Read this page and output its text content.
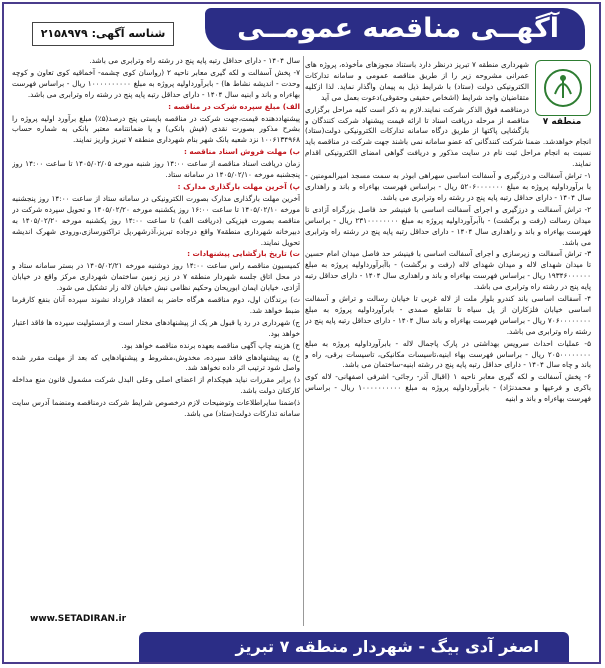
آگهــی مناقصه عمومــی
شناسه آگهی: ۲۱۵۸۹۷۹
منطقه ۷

شهرداری منطقه ۷ تبریز درنظر دارد باستناد مجوزهای مأخوذه، پروژه های عمرانی مشروحه زیر را از طریق مناقصه عمومی و سامانه تدارکات الکترونیکی دولت (ستاد) با شرایط ذیل به پیمان واگذار نماید. لذا ازکلیه متقاضیان واجد شرایط (اشخاص حقیقی وحقوقی)دعوت بعمل می آید

درمناقصه فوق الذکر شرکت نمایند.لازم به ذکر است کلیه مراحل برگزاری مناقصه از مرحله دریافت اسناد تا ارائه قیمت پیشنهاد شرکت کنندگان و بازگشایی پاکتها از طریق درگاه سامانه تدارکات الکترونیکی دولت(ستاد) انجام خواهدشد. ضمنا شرکت کنندگانی که عضو سامانه نمی باشند جهت شرکت در مناقصه باید نسبت به انجام مراحل ثبت نام در سایت مذکور و دریافت گواهی امضای الکترونیکی اقدام نمایند.

۱- تراش آسفالت و درزگیری و آسفالت اساسی سهراهی ابوذر به سمت مسجد امیرالمومنین - با برآورداولیه پروژه به مبلغ ۵۲۰۶۰۰۰۰۰۰۰ ریال - براساس فهرست بهاءراه و باند و راهداری سال ۱۴۰۴ - دارای حداقل رتبه پایه پنج در رشته راه وترابری می باشد.

۲- تراش آسفالت و درزگیری و اجرای آسفالت اساسی با فینیشر حد فاصل بزرگراه آزادی تا میدان رسالت (رفت و برگشت) - باآبرآورداولیه پروژه به مبلغ ۲۳۱۰۰۰۰۰۰۰۰ ریال - براساس فهرست بهاءراه و باند و راهداری سال ۱۴۰۴ - دارای حداقل رتبه پایه پنج در رشته راه وترابری می باشد.

۳- تراش آسفالت و زیرسازی و اجرای آسفالت اساسی با فینیشر حد فاصل میدان امام حسین تا میدان شهدای لاله و میدان شهدای لاله (رفت و برگشت) - باآبرآورداولیه پروژه به مبلغ ۱۹۳۴۶۰۰۰۰۰۰ ریال - براساس فهرست بهاءراه و باند و راهداری سال ۱۴۰۴ - دارای حداقل رتبه پایه پنج در رشته راه وترابری می باشد.

۴- آسفالت اساسی باند کندرو بلوار ملت از لاله غربی تا خیابان رسالت و تراش و آسفالت اساسی خیابان فلزکاران از پل سیاه تا تقاطع صمدی - بابرآورداولیه پروژه به مبلغ ۷۰۶۰۰۰۰۰۰۰۰ ریال - براساس فهرست بهاءراه و باند سال ۱۴۰۴ - دارای حداقل رتبه پایه پنج در رشته راه وترابری می باشد.

۵- عملیات احداث سرویس بهداشتی در پارک پاجمال لاله - بابرآورداولیه پروژه به مبلغ ۲۰۵۰۰۰۰۰۰۰۰ ریال - براساس فهرست بهاء ابنیه،تاسیسات مکانیکی، تاسیسات برقی، راه و باند و چاه سال ۱۴۰۴ - دارای حداقل رتبه پایه پنج در رشته ابنیه-ساختمان می باشد.

۶- پخش آسفالت و لکه گیری معابر ناحیه ۱ (اقبال آذر- رجائی- اشرفی اصفهانی- لاله کوی باکری و فرعیها و محمدنژاد) - بابرآورداولیه پروژه به مبلغ ۱۰۰۰۰۰۰۰۰۰۰ ریال - براساس فهرست بهاءراه و باند و ابنیه

سال ۱۴۰۴ - دارای حداقل رتبه پایه پنج در رشته راه وترابری می باشد.

۷- پخش آسفالت و لکه گیری معابر ناحیه ۲ (رواسان کوی چشمه- آخماقیه کوی تعاون و کوچه وحدت - اندیشه نشاط ها) - بابرآورداولیه پروژه به مبلغ ۱۰۰۰۰۰۰۰۰۰۰ ریال - براساس فهرست بهاءراه و باند و ابنیه سال ۱۴۰۴ - دارای حداقل رتبه پایه پنج در رشته راه وترابری می باشد.

الف) مبلغ سپرده شرکت در مناقصه :

پیشنهاددهنده قیمت،جهت شرکت در مناقصه بایستی پنج درصد(۵٪) مبلغ برآورد اولیه پروژه را بشرح مذکور بصورت نقدی (فیش بانکی) و یا ضمانتنامه معتبر بانکی به شماره حساب ۱۰۰۶۱۳۴۹۶۸ نزد شعبه بانک شهر بنام شهرداری منطقه ۷ تبریز واریز نمایند.

ب) مهلت فروش اسناد مناقصه :

زمان دریافت اسناد مناقصه از ساعت ۱۴:۰۰ روز شنبه مورخه ۱۴۰۵/۰۲/۰۵ تا ساعت ۱۴:۰۰ روز پنجشنبه مورخه ۱۴۰۵/۰۲/۱۰ در سامانه ستاد.

پ) آخرین مهلت بارگذاری مدارک :

آخرین مهلت بارگذاری مدارک بصورت الکترونیکی در سامانه ستاد از ساعت ۱۴:۰۰ روز پنجشنبه مورخه ۱۴۰۵/۰۲/۱۰ تا ساعت ۱۶:۰۰ روز یکشنبه مورخه ۱۴۰۵/۰۲/۲۰ و تحویل سپرده شرکت در مناقصه بصورت فیزیکی (دریافت الف) تا ساعت ۱۴:۰۰ روز یکشنبه مورخه ۱۴۰۵/۰۲/۲۰ به دبیرخانه شهرداری منطقه۷ واقع درجاده تبریز،آذرشهر،پل تراکتورسازی،ورودی شهرک اندیشه تحویل نمایند.

ت) تاریخ بازگشایی پیشنهادات :

کمیسیون مناقصه راس ساعت ۱۴:۰۰ روز دوشنبه مورخه ۱۴۰۵/۰۲/۲۱ در بستر سامانه ستاد و در محل اتاق جلسه شهردار منطقه ۷ در زیر زمین ساختمان شهرداری مرکز واقع در خیابان آزادی، خیابان ایمان ابوریحان وحکیم نظامی نبش خیابان لاله زار تشکیل می شود.

ث) برندگان اول، دوم مناقصه هرگاه حاضر به انعقاد قرارداد نشوند سپرده آنان بنفع کارفرما ضبط خواهد شد.

ج) شهرداری در رد یا قبول هر یک از پیشنهادهای مختار است و ازمسئولیت سپرده ها فاقد اعتبار خواهد بود.

ح) هزینه چاپ آگهی مناقصه بعهده برنده مناقصه خواهد بود.

خ) به پیشنهادهای فاقد سپرده، مخدوش،مشروط و پیشنهادهایی که بعد از مهلت مقرر شده واصل شود ترتیب اثر داده نخواهد شد.

د) برابر مقررات نباید هیچکدام از اعضای اصلی وعلی البدل شرکت مشمول قانون منع مداخله کارکنان دولت باشد.

ذ)ضمنا سایراطلاعات وتوضیحات لازم درخصوص شرایط شرکت درمناقصه ومنضما آدرس سایت سامانه تدارکات دولت(ستاد) می باشد.

www.SETADIRAN.ir
اصغر آدی بیگ - شهردار منطقه ۷ تبریز
